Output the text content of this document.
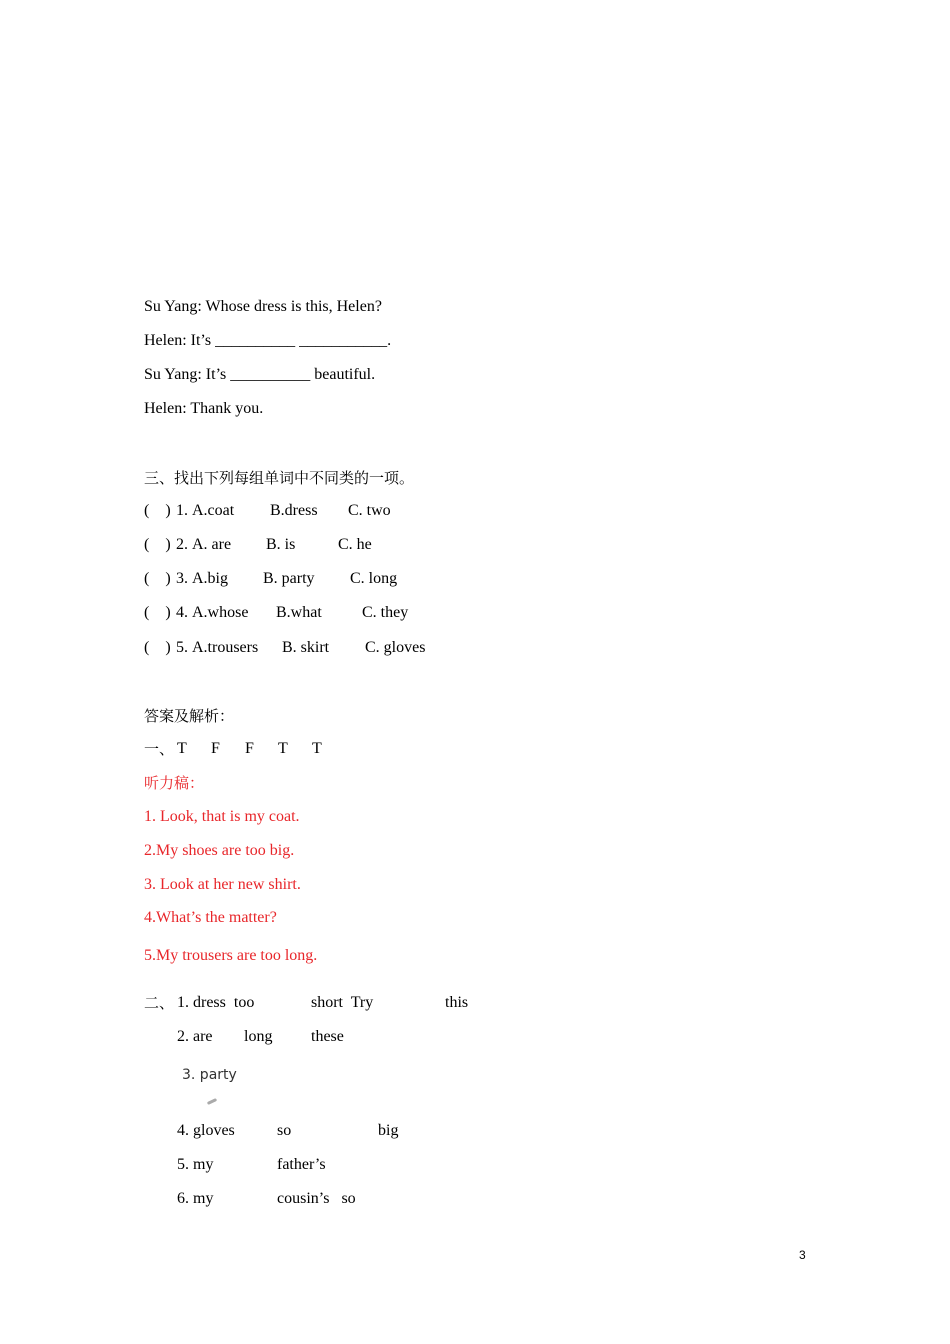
Su Yang: Whose dress is this, Helen?
Helen: It’s __________ ___________.
Su Yang: It’s __________ beautiful.
Helen: Thank you.
三、找出下列每组单词中不同类的一项。
(    ) 1. A.coat B.dress C. two
(    ) 2. A. are B. is	C. he
(    ) 3. A.big B. party C. long
(    ) 4. A.whose B.what	C. they
(    ) 5. A.trousers B. skirt C. gloves
答案及解析：
一、 T F F T T
听力稿：
1. Look, that is my coat.
2.My shoes are too big.
3. Look at her new shirt.
4.What’s the matter?
5.My trousers are too long.
二、 1. dress  too	short  Try	this
2. are long these
3. party
4. gloves	so	big
5. my	father’s
6. my	cousin’s   so
3
